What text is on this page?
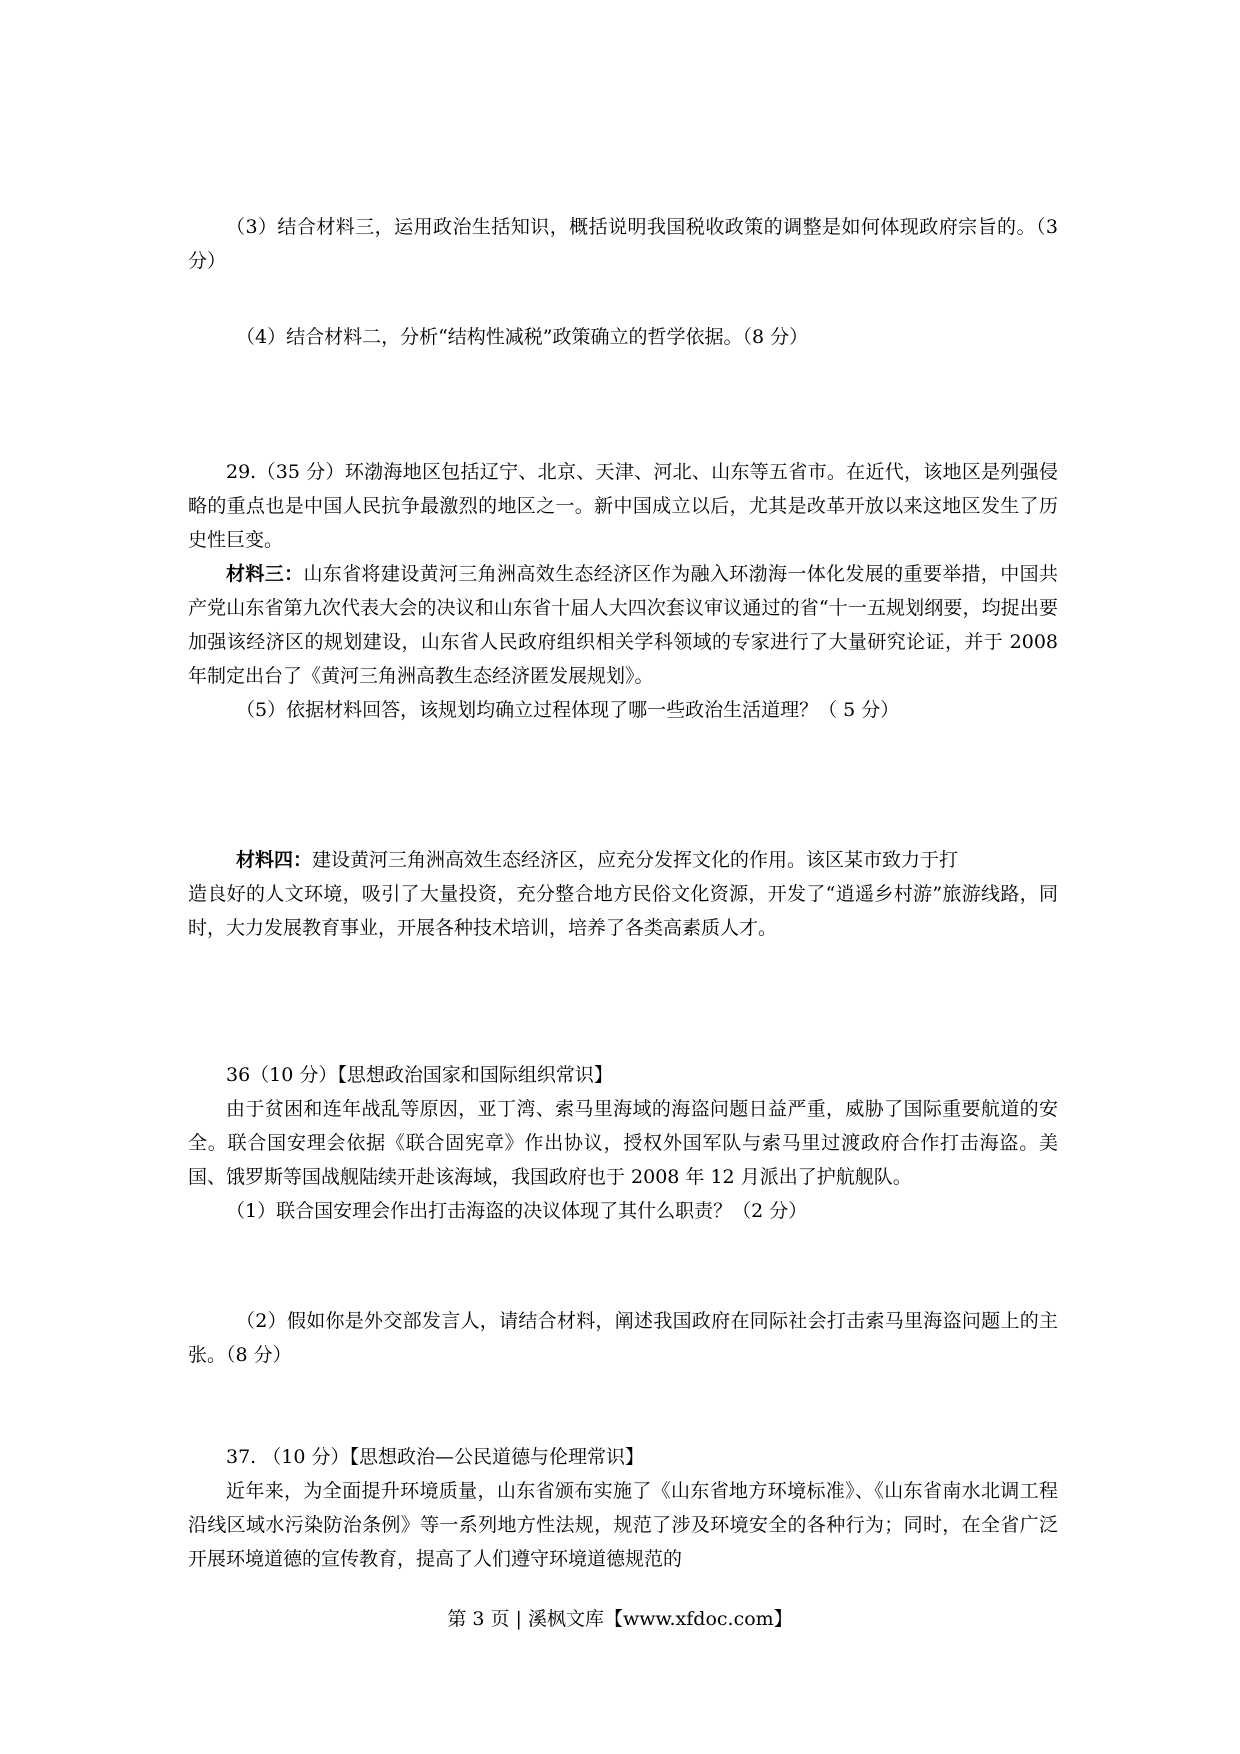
（3）结合材料三，运用政治生括知识，概括说明我国税收政策的调整是如何体现政府宗旨的。（3 分）

（4）结合材料二，分析“结构性减税”政策确立的哲学依据。（8 分）

29.（35 分）环渤海地区包括辽宁、北京、天津、河北、山东等五省市。在近代，该地区是列强侵略的重点也是中国人民抗争最激烈的地区之一。新中国成立以后，尤其是改革开放以来这地区发生了历史性巨变。

材料三：山东省将建设黄河三角洲高效生态经济区作为融入环渤海一体化发展的重要举措，中国共产党山东省第九次代表大会的决议和山东省十届人大四次套议审议通过的省“十一五规划纲要，均捉出要加强该经济区的规划建设，山东省人民政府组织相关学科领域的专家进行了大量研究论证，并于 2008 年制定出台了《黄河三角洲高教生态经济匿发展规划》。

（5）依据材料回答，该规划均确立过程体现了哪一些政治生活道理？（ 5 分）

材料四：建设黄河三角洲高效生态经济区，应充分发挥文化的作用。该区某市致力于打

造良好的人文环境，吸引了大量投资，充分整合地方民俗文化资源，开发了“逍遥乡村游”旅游线路，同时，大力发展教育事业，开展各种技术培训，培养了各类高素质人才。

36（10 分）【思想政治国家和国际组织常识】

由于贫困和连年战乱等原因，亚丁湾、索马里海域的海盗问题日益严重，威胁了国际重要航道的安全。联合国安理会依据《联合固宪章》作出协议，授权外国军队与索马里过渡政府合作打击海盗。美国、饿罗斯等国战舰陆续开赴该海域，我国政府也于 2008 年 12 月派出了护航舰队。

（1）联合国安理会作出打击海盗的决议体现了其什么职责？（2 分）

（2）假如你是外交部发言人，请结合材料，阐述我国政府在同际社会打击索马里海盗问题上的主张。（8 分）

37. （10 分）【思想政治—公民道德与伦理常识】

近年来，为全面提升环境质量，山东省颁布实施了《山东省地方环境标准》、《山东省南水北调工程沿线区域水污染防治条例》等一系列地方性法规，规范了涉及环境安全的各种行为；同时，在全省广泛开展环境道德的宣传教育，提高了人们遵守环境道德规范的

第 3 页 | 溪枫文库【www.xfdoc.com】
